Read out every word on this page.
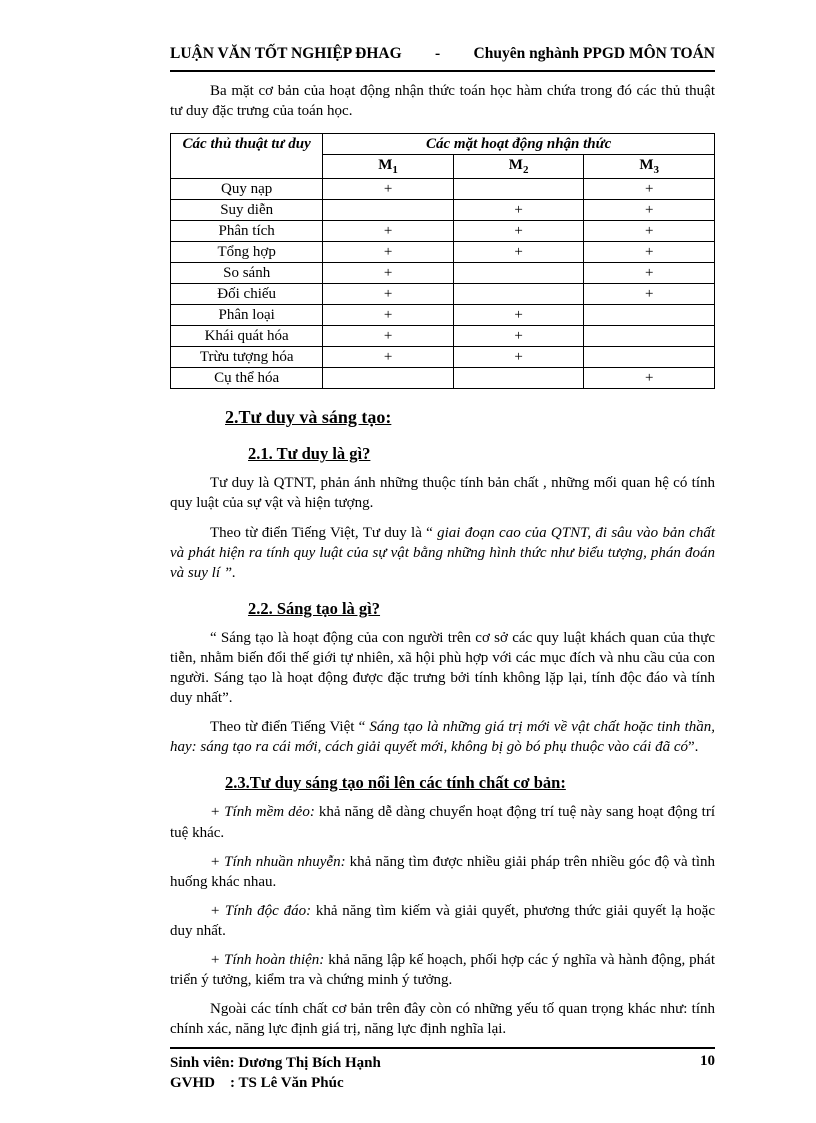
LUẬN VĂN TỐT NGHIỆP ĐHAG - Chuyên nghành PPGD MÔN TOÁN

Ba mặt cơ bản của hoạt động nhận thức toán học hàm chứa trong đó các thủ thuật tư duy đặc trưng của toán học.

Các thủ thuật tư duy	Các mặt hoạt động nhận thức		
	$M_1$	$M_2$	$M_3$
Quy nạp	+		+
Suy diễn		+	+
Phân tích	+	+	+
Tổng hợp	+	+	+
So sánh	+		+
Đối chiếu	+		+
Phân loại	+	+	
Khái quát hóa	+	+	
Trừu tượng hóa	+	+	
Cụ thể hóa			+
2.Tư duy và sáng tạo:
2.1. Tư duy là gì?

Tư duy là QTNT, phản ánh những thuộc tính bản chất , những mối quan hệ có tính quy luật của sự vật và hiện tượng.

Theo từ điển Tiếng Việt, Tư duy là “ giai đoạn cao của QTNT, đi sâu vào bản chất và phát hiện ra tính quy luật của sự vật bằng những hình thức như biểu tượng, phán đoán và suy lí ”.

2.2. Sáng tạo là gì?

“ Sáng tạo là hoạt động của con người trên cơ sở các quy luật khách quan của thực tiễn, nhằm biến đổi thế giới tự nhiên, xã hội phù hợp với các mục đích và nhu cầu của con người. Sáng tạo là hoạt động được đặc trưng bởi tính không lặp lại, tính độc đáo và tính duy nhất”.

Theo từ điển Tiếng Việt “ Sáng tạo là những giá trị mới về vật chất hoặc tinh thần, hay: sáng tạo ra cái mới, cách giải quyết mới, không bị gò bó phụ thuộc vào cái đã có”.

2.3.Tư duy sáng tạo nổi lên các tính chất cơ bản:

+ Tính mềm dẻo: khả năng dễ dàng chuyển hoạt động trí tuệ này sang hoạt động trí tuệ khác.

+ Tính nhuần nhuyễn: khả năng tìm được nhiều giải pháp trên nhiều góc độ và tình huống khác nhau.

+ Tính độc đáo: khả năng tìm kiếm và giải quyết, phương thức giải quyết lạ hoặc duy nhất.

+ Tính hoàn thiện: khả năng lập kế hoạch, phối hợp các ý nghĩa và hành động, phát triển ý tưởng, kiểm tra và chứng minh ý tưởng.

Ngoài các tính chất cơ bản trên đây còn có những yếu tố quan trọng khác như: tính chính xác, năng lực định giá trị, năng lực định nghĩa lại.

Sinh viên: Dương Thị Bích Hạnh
GVHD    : TS Lê Văn Phúc
10
